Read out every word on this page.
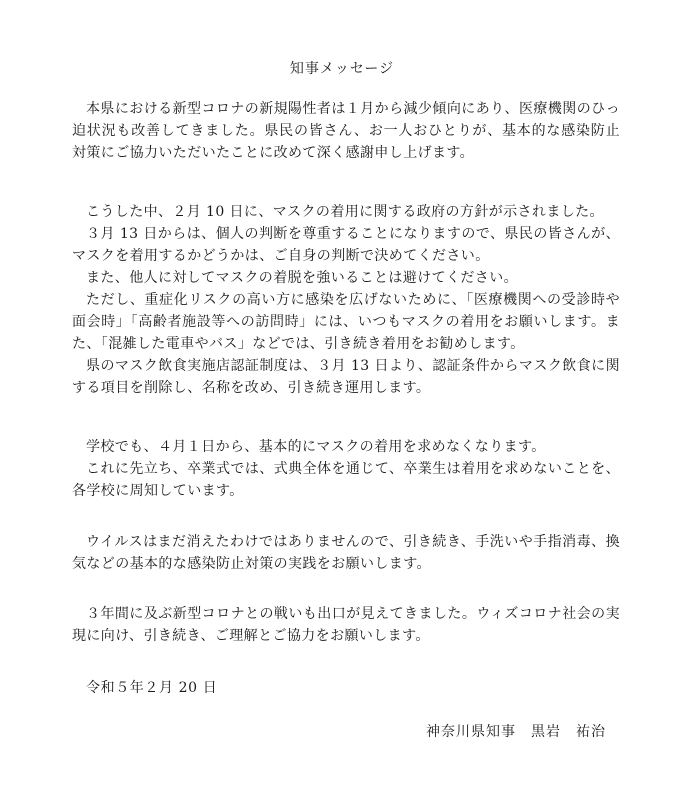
知事メッセージ

本県における新型コロナの新規陽性者は１月から減少傾向にあり、医療機関のひっ迫状況も改善してきました。県民の皆さん、お一人おひとりが、基本的な感染防止対策にご協力いただいたことに改めて深く感謝申し上げます。

こうした中、２月 10 日に、マスクの着用に関する政府の方針が示されました。

３月 13 日からは、個人の判断を尊重することになりますので、県民の皆さんが、マスクを着用するかどうかは、ご自身の判断で決めてください。

また、他人に対してマスクの着脱を強いることは避けてください。

ただし、重症化リスクの高い方に感染を広げないために、「医療機関への受診時や面会時」「高齢者施設等への訪問時」には、いつもマスクの着用をお願いします。また、「混雑した電車やバス」などでは、引き続き着用をお勧めします。

県のマスク飲食実施店認証制度は、３月 13 日より、認証条件からマスク飲食に関する項目を削除し、名称を改め、引き続き運用します。

学校でも、４月１日から、基本的にマスクの着用を求めなくなります。

これに先立ち、卒業式では、式典全体を通じて、卒業生は着用を求めないことを、各学校に周知しています。

ウイルスはまだ消えたわけではありませんので、引き続き、手洗いや手指消毒、換気などの基本的な感染防止対策の実践をお願いします。

３年間に及ぶ新型コロナとの戦いも出口が見えてきました。ウィズコロナ社会の実現に向け、引き続き、ご理解とご協力をお願いします。

令和５年２月 20 日
神奈川県知事　黒岩　祐治
